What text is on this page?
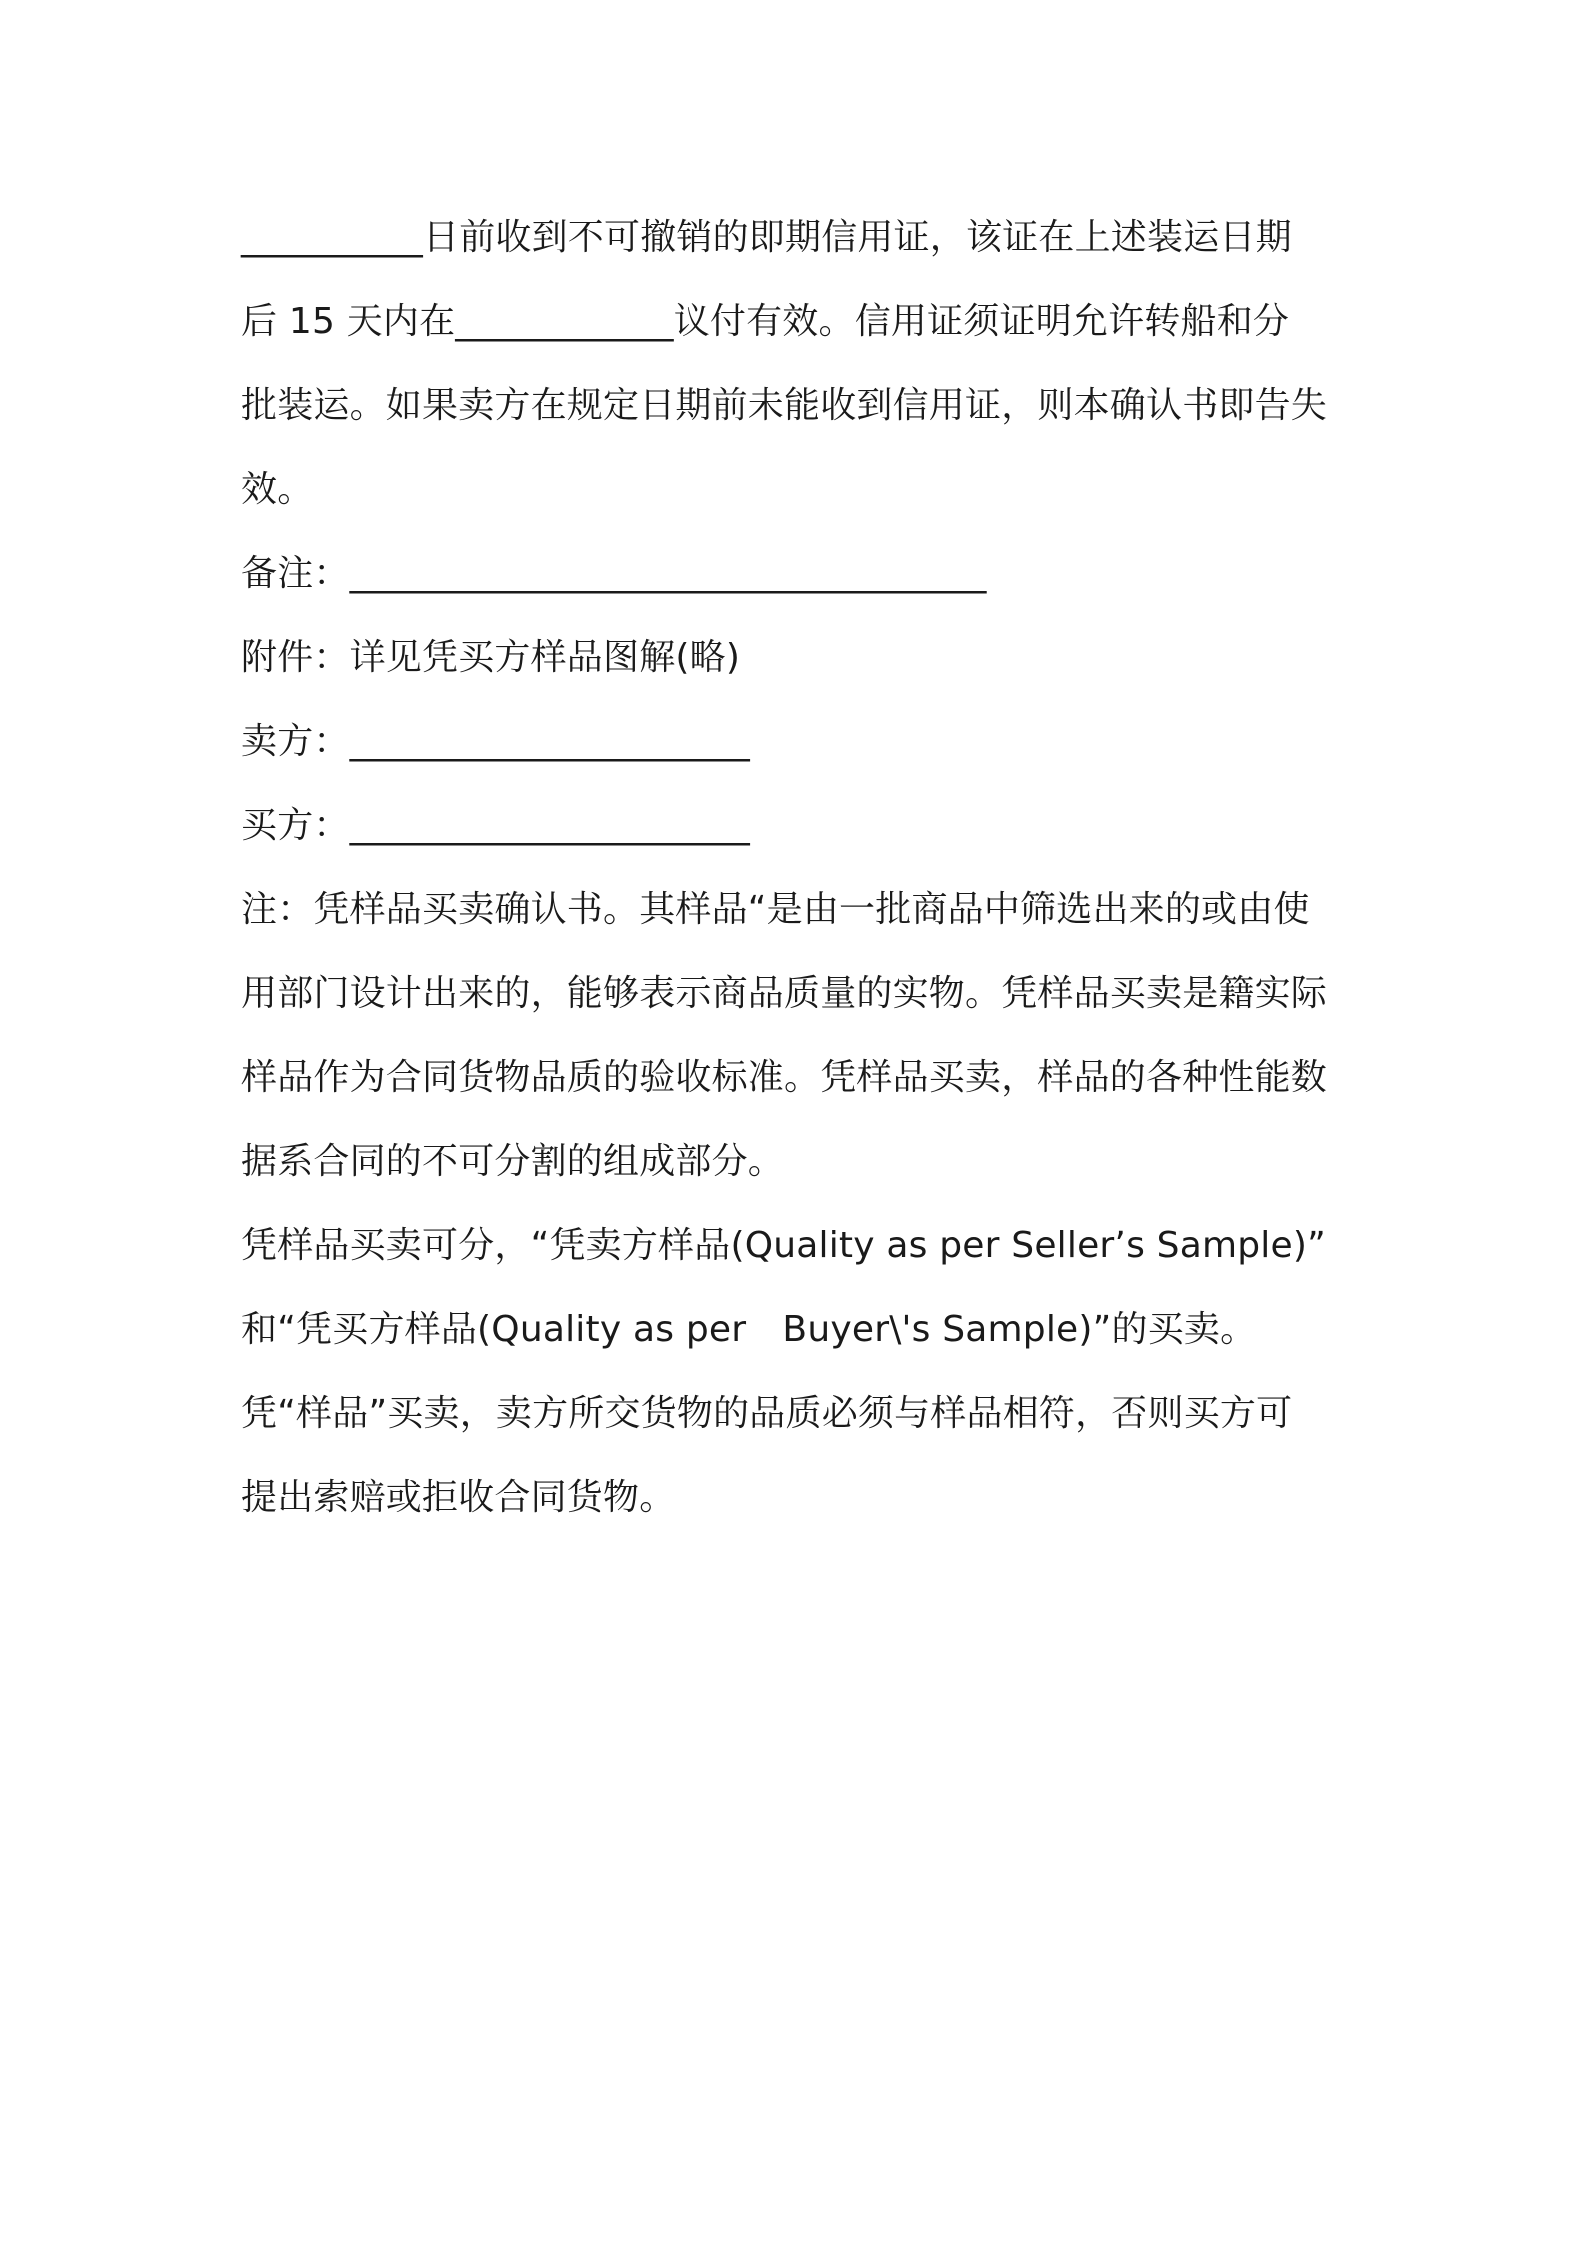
__________日前收到不可撤销的即期信用证，该证在上述装运日期
后 15 天内在____________议付有效。信用证须证明允许转船和分
批装运。如果卖方在规定日期前未能收到信用证，则本确认书即告失
效。
备注：___________________________________
附件：详见凭买方样品图解(略)
卖方：______________________
买方：______________________
注：凭样品买卖确认书。其样品“是由一批商品中筛选出来的或由使
用部门设计出来的，能够表示商品质量的实物。凭样品买卖是籍实际
样品作为合同货物品质的验收标准。凭样品买卖，样品的各种性能数
据系合同的不可分割的组成部分。
凭样品买卖可分，“凭卖方样品(Quality as per Seller’s Sample)”
和“凭买方样品(Quality as per　Buyer\'s Sample)”的买卖。
凭“样品”买卖，卖方所交货物的品质必须与样品相符，否则买方可
提出索赔或拒收合同货物。
